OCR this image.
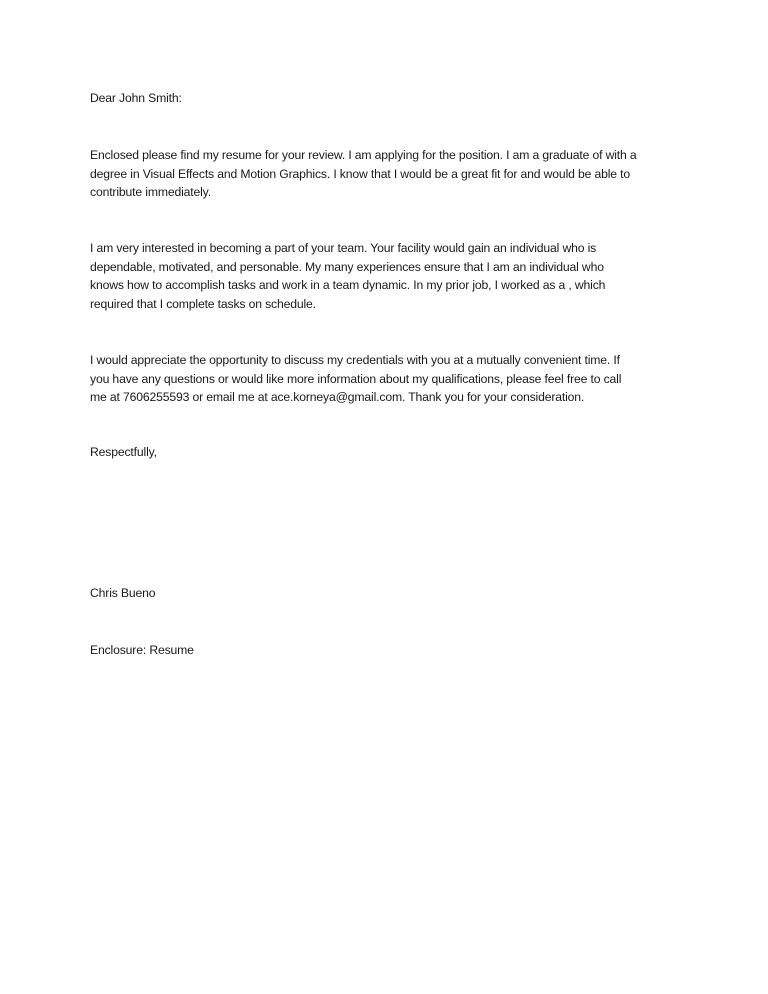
Dear John Smith:

Enclosed please find my resume for your review. I am applying for the position. I am a graduate of with a
degree in Visual Effects and Motion Graphics. I know that I would be a great fit for and would be able to
contribute immediately.
I am very interested in becoming a part of your team. Your facility would gain an individual who is
dependable, motivated, and personable. My many experiences ensure that I am an individual who
knows how to accomplish tasks and work in a team dynamic. In my prior job, I worked as a , which
required that I complete tasks on schedule.
I would appreciate the opportunity to discuss my credentials with you at a mutually convenient time. If
you have any questions or would like more information about my qualifications, please feel free to call
me at 7606255593 or email me at ace.korneya@gmail.com. Thank you for your consideration.

Respectfully,

Chris Bueno

Enclosure: Resume
